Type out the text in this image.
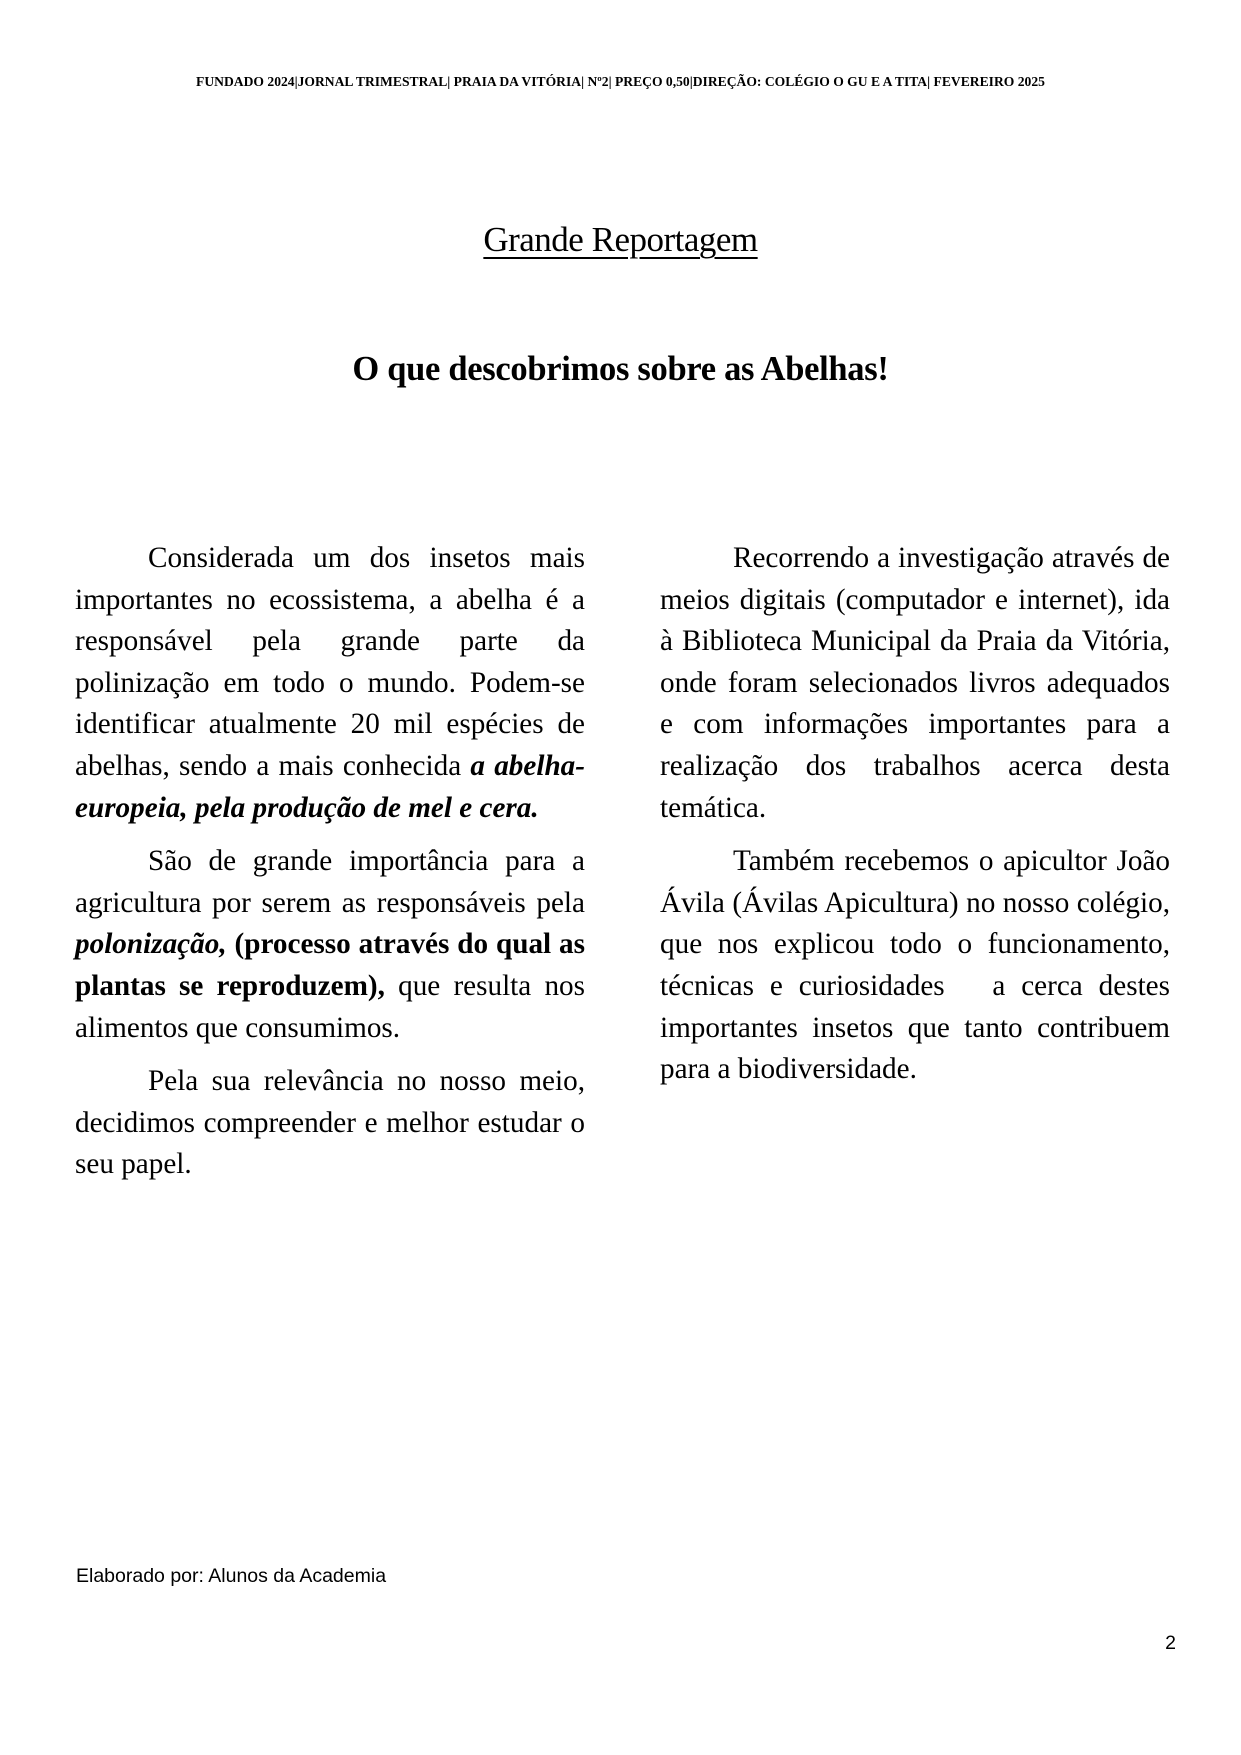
FUNDADO 2024|JORNAL TRIMESTRAL| PRAIA DA VITÓRIA| Nº2| PREÇO 0,50|DIREÇÃO: COLÉGIO O GU E A TITA| FEVEREIRO 2025
Grande Reportagem
O que descobrimos sobre as Abelhas!

Considerada um dos insetos mais importantes no ecossistema, a abelha é a responsável pela grande parte da polinização em todo o mundo. Podem-se identificar atualmente 20 mil espécies de abelhas, sendo a mais conhecida a abelha-europeia, pela produção de mel e cera.

São de grande importância para a agricultura por serem as responsáveis pela polonização, (processo através do qual as plantas se reproduzem), que resulta nos alimentos que consumimos.

Pela sua relevância no nosso meio, decidimos compreender e melhor estudar o seu papel.

Recorrendo a investigação através de meios digitais (computador e internet), ida à Biblioteca Municipal da Praia da Vitória, onde foram selecionados livros adequados e com informações importantes para a realização dos trabalhos acerca desta temática.

Também recebemos o apicultor João Ávila (Ávilas Apicultura) no nosso colégio, que nos explicou todo o funcionamento, técnicas e curiosidades   a cerca destes importantes insetos que tanto contribuem para a biodiversidade.

Elaborado por: Alunos da Academia
2
